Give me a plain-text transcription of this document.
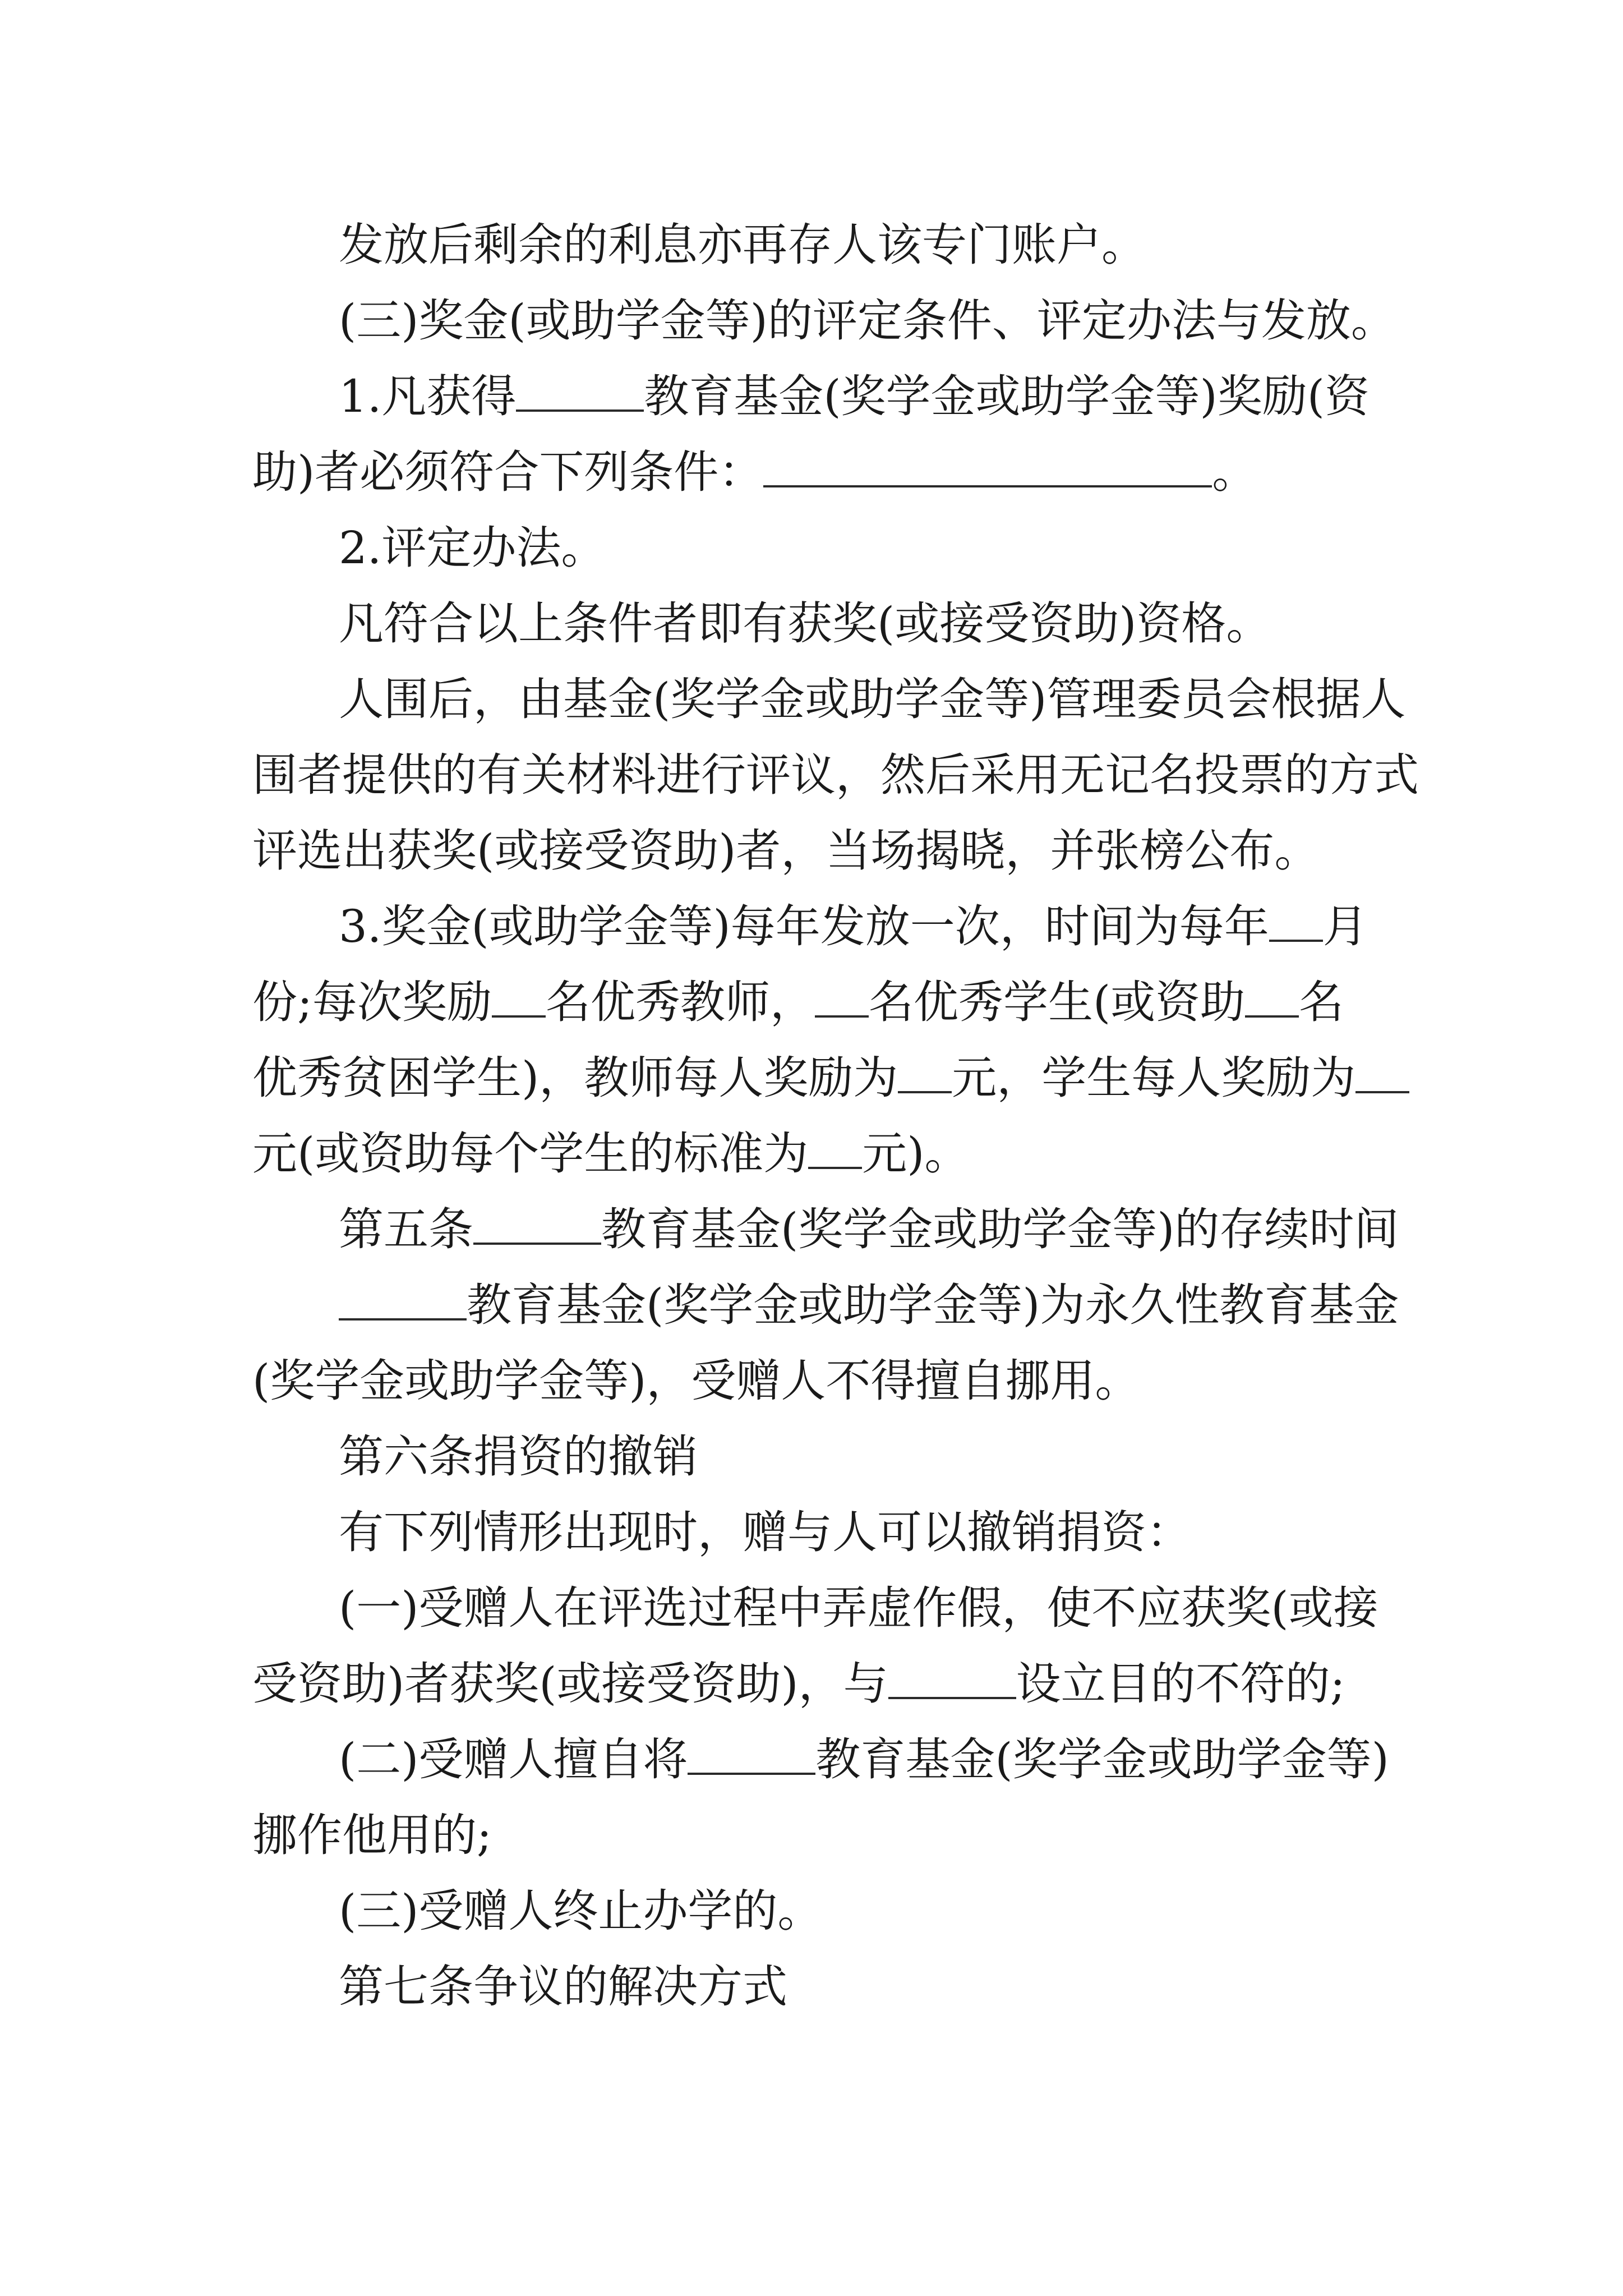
发放后剩余的利息亦再存人该专门账户。
(三)奖金(或助学金等)的评定条件、评定办法与发放。
1.凡获得	教育基金(奖学金或助学金等)奖励(资
助)者必须符合下列条件：	。
2.评定办法。
凡符合以上条件者即有获奖(或接受资助)资格。
人围后，由基金(奖学金或助学金等)管理委员会根据人
围者提供的有关材料进行评议，然后采用无记名投票的方式
评选出获奖(或接受资助)者，当场揭晓，并张榜公布。
3.奖金(或助学金等)每年发放一次，时间为每年 月
份;每次奖励 名优秀教师， 名优秀学生(或资助 名
优秀贫困学生)，教师每人奖励为 元，学生每人奖励为
元(或资助每个学生的标准为 元)。
第五条	教育基金(奖学金或助学金等)的存续时间
教育基金(奖学金或助学金等)为永久性教育基金
(奖学金或助学金等)，受赠人不得擅自挪用。
第六条捐资的撤销
有下列情形出现时，赠与人可以撤销捐资：
(一)受赠人在评选过程中弄虚作假，使不应获奖(或接
受资助)者获奖(或接受资助)，与	设立目的不符的;
(二)受赠人擅自将	教育基金(奖学金或助学金等)
挪作他用的;
(三)受赠人终止办学的。
第七条争议的解决方式
